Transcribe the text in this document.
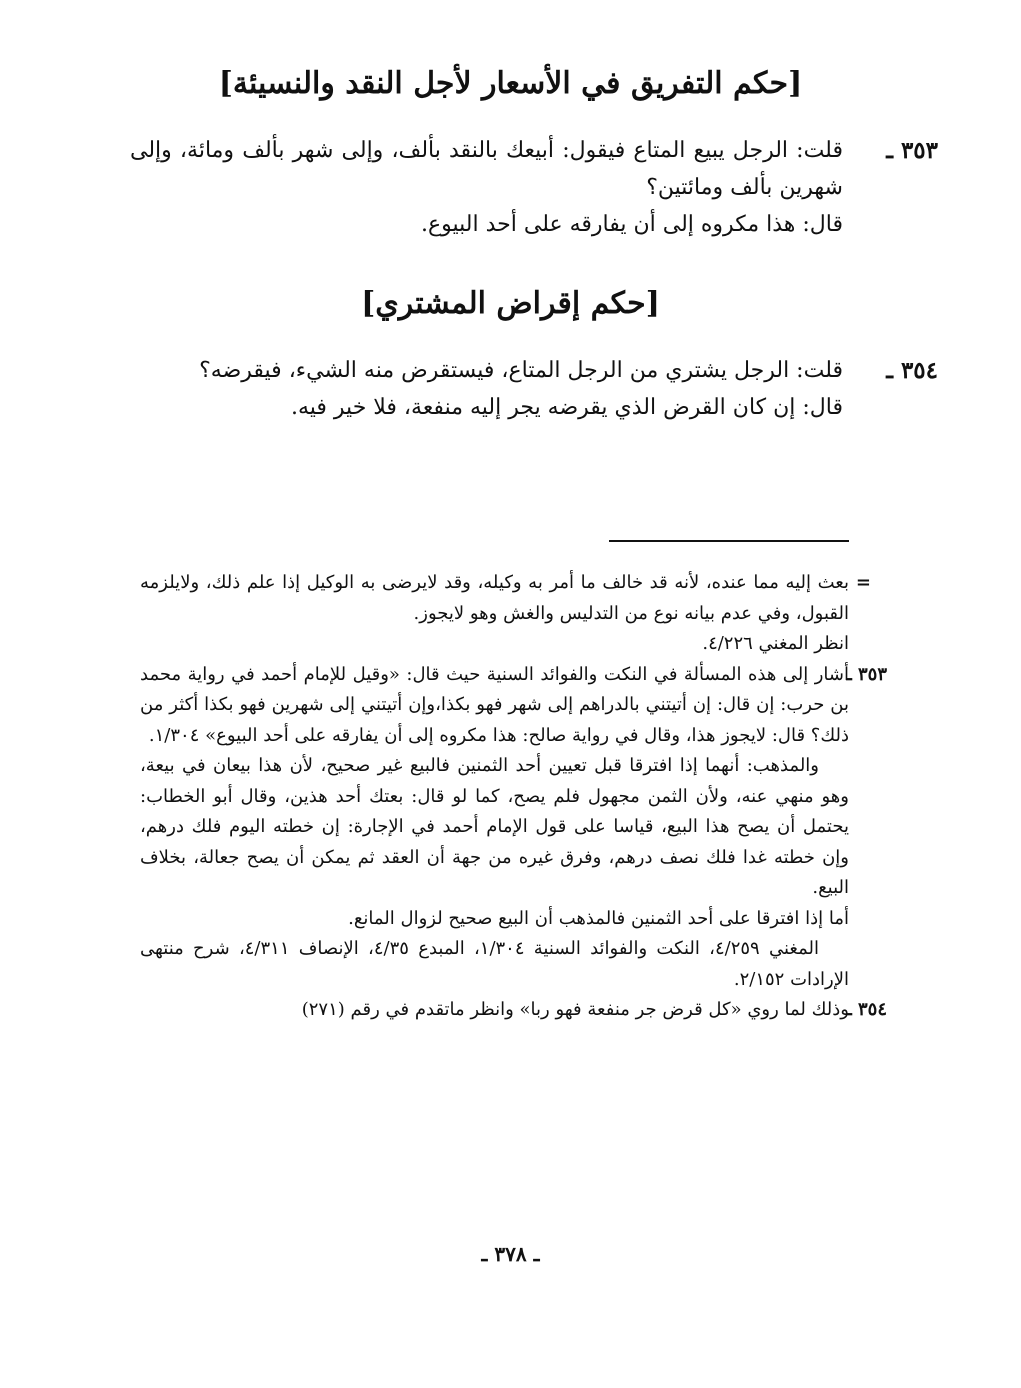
[حكم التفريق في الأسعار لأجل النقد والنسيئة]
٣٥٣ ـ

قلت: الرجل يبيع المتاع فيقول: أبيعك بالنقد بألف، وإلى شهر بألف ومائة، وإلى شهرين بألف ومائتين؟

قال: هذا مكروه إلى أن يفارقه على أحد البيوع.

[حكم إقراض المشتري]
٣٥٤ ـ

قلت: الرجل يشتري من الرجل المتاع، فيستقرض منه الشيء، فيقرضه؟

قال: إن كان القرض الذي يقرضه يجر إليه منفعة، فلا خير فيه.

=

بعث إليه مما عنده، لأنه قد خالف ما أمر به وكيله، وقد لايرضى به الوكيل إذا علم ذلك، ولايلزمه القبول، وفي عدم بيانه نوع من التدليس والغش وهو لايجوز.

انظر المغني ٤/٢٢٦.

٣٥٣ ـ

أشار إلى هذه المسألة في النكت والفوائد السنية حيث قال: «وقيل للإمام أحمد في رواية محمد بن حرب: إن قال: إن أتيتني بالدراهم إلى شهر فهو بكذا،وإن أتيتني إلى شهرين فهو بكذا أكثر من ذلك؟ قال: لايجوز هذا، وقال في رواية صالح: هذا مكروه إلى أن يفارقه على أحد البيوع» ١/٣٠٤.

والمذهب: أنهما إذا افترقا قبل تعيين أحد الثمنين فالبيع غير صحيح، لأن هذا بيعان في بيعة، وهو منهي عنه، ولأن الثمن مجهول فلم يصح، كما لو قال: بعتك أحد هذين، وقال أبو الخطاب: يحتمل أن يصح هذا البيع، قياسا على قول الإمام أحمد في الإجارة: إن خطته اليوم فلك درهم، وإن خطته غدا فلك نصف درهم، وفرق غيره من جهة أن العقد ثم يمكن أن يصح جعالة، بخلاف البيع.

أما إذا افترقا على أحد الثمنين فالمذهب أن البيع صحيح لزوال المانع.

المغني ٤/٢٥٩، النكت والفوائد السنية ١/٣٠٤، المبدع ٤/٣٥، الإنصاف ٤/٣١١، شرح منتهى الإرادات ٢/١٥٢.

٣٥٤ ـ

وذلك لما روي «كل قرض جر منفعة فهو ربا» وانظر ماتقدم في رقم (٢٧١)

ـ ٣٧٨ ـ
